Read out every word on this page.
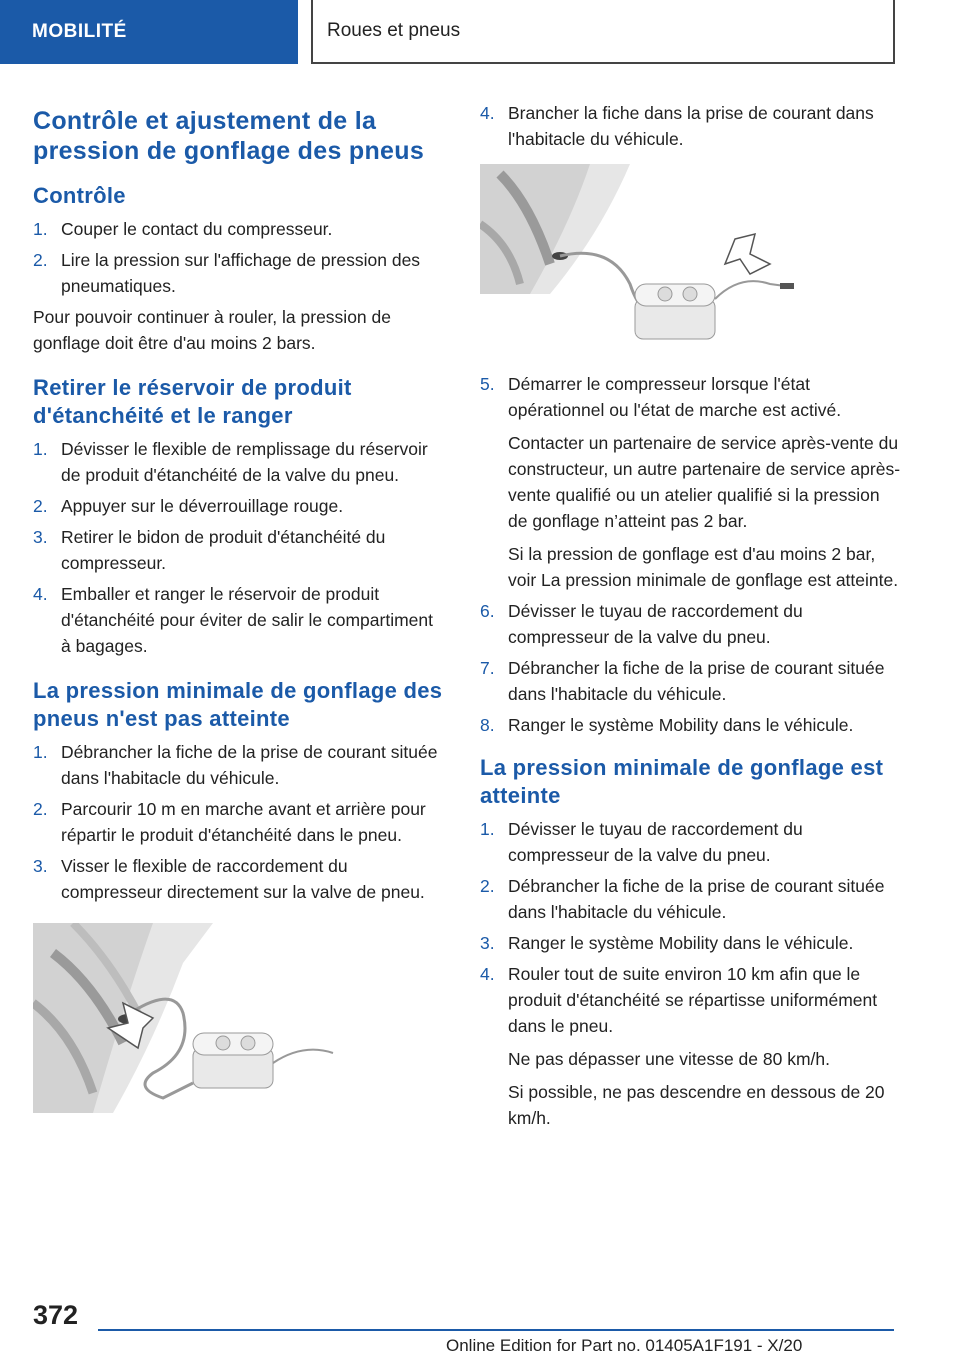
MOBILITÉ	Roues et pneus
Contrôle et ajustement de la pression de gonflage des pneus
Contrôle
1. Couper le contact du compresseur.
2. Lire la pression sur l'affichage de pression des pneumatiques.

Pour pouvoir continuer à rouler, la pression de gonflage doit être d'au moins 2 bars.

Retirer le réservoir de produit d'étanchéité et le ranger
1. Dévisser le flexible de remplissage du réservoir de produit d'étanchéité de la valve du pneu.
2. Appuyer sur le déverrouillage rouge.
3. Retirer le bidon de produit d'étanchéité du compresseur.
4. Emballer et ranger le réservoir de produit d'étanchéité pour éviter de salir le compartiment à bagages.
La pression minimale de gonflage des pneus n'est pas atteinte
1. Débrancher la fiche de la prise de courant située dans l'habitacle du véhicule.
2. Parcourir 10 m en marche avant et arrière pour répartir le produit d'étanchéité dans le pneu.
3. Visser le flexible de raccordement du compresseur directement sur la valve de pneu.
4. Brancher la fiche dans la prise de courant dans l'habitacle du véhicule.
5. Démarrer le compresseur lorsque l'état opérationnel ou l'état de marche est activé.

Contacter un partenaire de service après-vente du constructeur, un autre partenaire de service après-vente qualifié ou un atelier qualifié si la pression de gonflage n’atteint pas 2 bar.

Si la pression de gonflage est d'au moins 2 bar, voir La pression minimale de gonflage est atteinte.

6. Dévisser le tuyau de raccordement du compresseur de la valve du pneu.
7. Débrancher la fiche de la prise de courant située dans l'habitacle du véhicule.
8. Ranger le système Mobility dans le véhicule.
La pression minimale de gonflage est atteinte
1. Dévisser le tuyau de raccordement du compresseur de la valve du pneu.
2. Débrancher la fiche de la prise de courant située dans l'habitacle du véhicule.
3. Ranger le système Mobility dans le véhicule.
4. Rouler tout de suite environ 10 km afin que le produit d'étanchéité se répartisse uniformément dans le pneu.

Ne pas dépasser une vitesse de 80 km/h.

Si possible, ne pas descendre en dessous de 20 km/h.

372
Online Edition for Part no. 01405A1F191 - X/20
